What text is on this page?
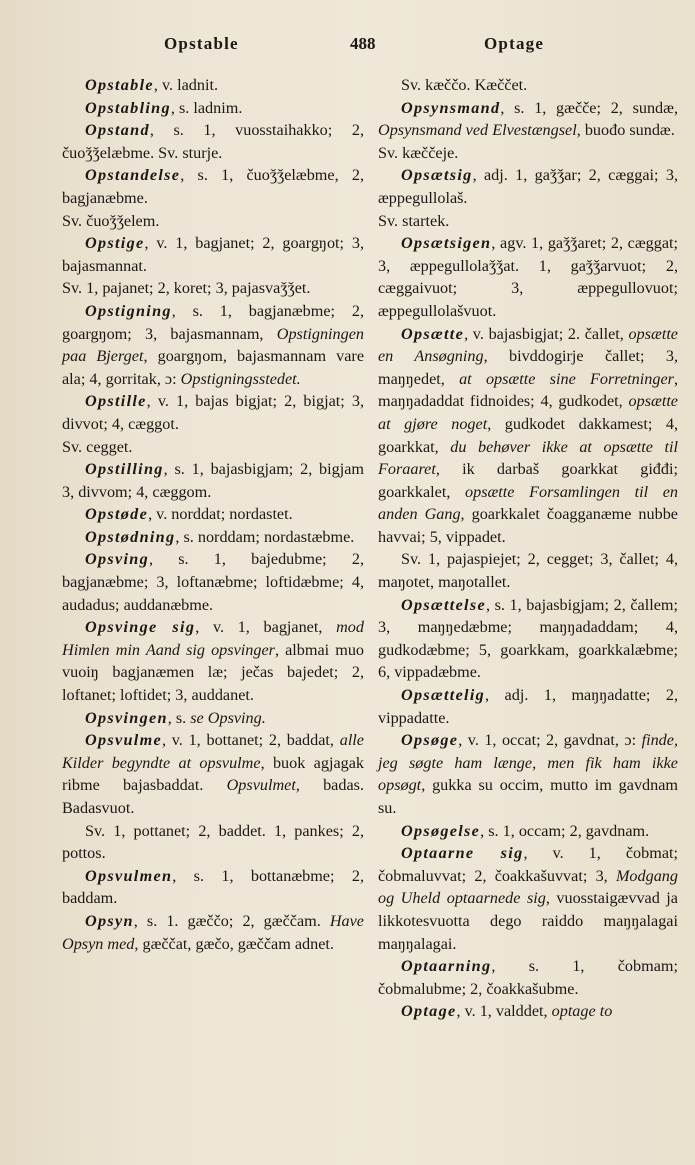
Opstable	488	Optage

Opstable, v. ladnit.

Opstabling, s. ladnim.

Opstand, s. 1, vuosstaihakko; 2, čuoǯǯelæbme. Sv. sturje.

Opstandelse, s. 1, čuoǯǯelæbme, 2, bagjanæbme.

Sv. čuoǯǯelem.

Opstige, v. 1, bagjanet; 2, goargŋot; 3, bajasmannat.

Sv. 1, pajanet; 2, koret; 3, pajasvaǯǯet.

Opstigning, s. 1, bagjanæbme; 2, goargŋom; 3, bajasmannam, Opstigningen paa Bjerget, goargŋom, bajasmannam vare ala; 4, gorritak, ɔ: Opstigningsstedet.

Opstille, v. 1, bajas bigjat; 2, bigjat; 3, divvot; 4, cæggot.

Sv. cegget.

Opstilling, s. 1, bajasbigjam; 2, bigjam 3, divvom; 4, cæggom.

Opstøde, v. norddat; nordastet.

Opstødning, s. norddam; nordastæbme.

Opsving, s. 1, bajedubme; 2, bagjanæbme; 3, loftanæbme; loftidæbme; 4, audadus; auddanæbme.

Opsvinge sig, v. 1, bagjanet, mod Himlen min Aand sig opsvinger, albmai muo vuoiŋ bagjanæmen læ; ječas bajedet; 2, loftanet; loftidet; 3, auddanet.

Opsvingen, s. se Opsving.

Opsvulme, v. 1, bottanet; 2, baddat, alle Kilder begyndte at opsvulme, buok agjagak ribme bajasbaddat. Opsvulmet, badas. Badasvuot.

Sv. 1, pottanet; 2, baddet. 1, pankes; 2, pottos.

Opsvulmen, s. 1, bottanæbme; 2, baddam.

Opsyn, s. 1. gæččo; 2, gæččam. Have Opsyn med, gæččat, gæčo, gæččam adnet.

Sv. kæččo. Kæččet.

Opsynsmand, s. 1, gæčče; 2, sundæ, Opsynsmand ved Elvestængsel, buođo sundæ.

Sv. kæččeje.

Opsætsig, adj. 1, gaǯǯar; 2, cæggai; 3, æppegullolaš.

Sv. startek.

Opsætsigen, agv. 1, gaǯǯaret; 2, cæggat; 3, æppegullolaǯǯat. 1, gaǯǯarvuot; 2, cæggaivuot; 3, æppegullovuot; æppegullolašvuot.

Opsætte, v. bajasbigjat; 2. čallet, opsætte en Ansøgning, bivddogirje čallet; 3, maŋŋedet, at opsætte sine Forretninger, maŋŋadaddat fidnoides; 4, gudkodet, opsætte at gjøre noget, gudkodet dakkamest; 4, goarkkat, du behøver ikke at opsætte til Foraaret, ik darbaš goarkkat giđđi; goarkkalet, opsætte Forsamlingen til en anden Gang, goarkkalet čoagganæme nubbe havvai; 5, vippadet.

Sv. 1, pajaspiejet; 2, cegget; 3, čallet; 4, maŋotet, maŋotallet.

Opsættelse, s. 1, bajasbigjam; 2, čallem; 3, maŋŋedæbme; maŋŋadaddam; 4, gudkodæbme; 5, goarkkam, goarkkalæbme; 6, vippadæbme.

Opsættelig, adj. 1, maŋŋadatte; 2, vippadatte.

Opsøge, v. 1, occat; 2, gavdnat, ɔ: finde, jeg søgte ham længe, men fik ham ikke opsøgt, gukka su occim, mutto im gavdnam su.

Opsøgelse, s. 1, occam; 2, gavdnam.

Optaarne sig, v. 1, čobmat; čobmaluvvat; 2, čoakkašuvvat; 3, Modgang og Uheld optaarnede sig, vuosstaigævvad ja likkotesvuotta dego raiddo maŋŋalagai maŋŋalagai.

Optaarning, s. 1, čobmam; čobmalubme; 2, čoakkašubme.

Optage, v. 1, valddet, optage to
